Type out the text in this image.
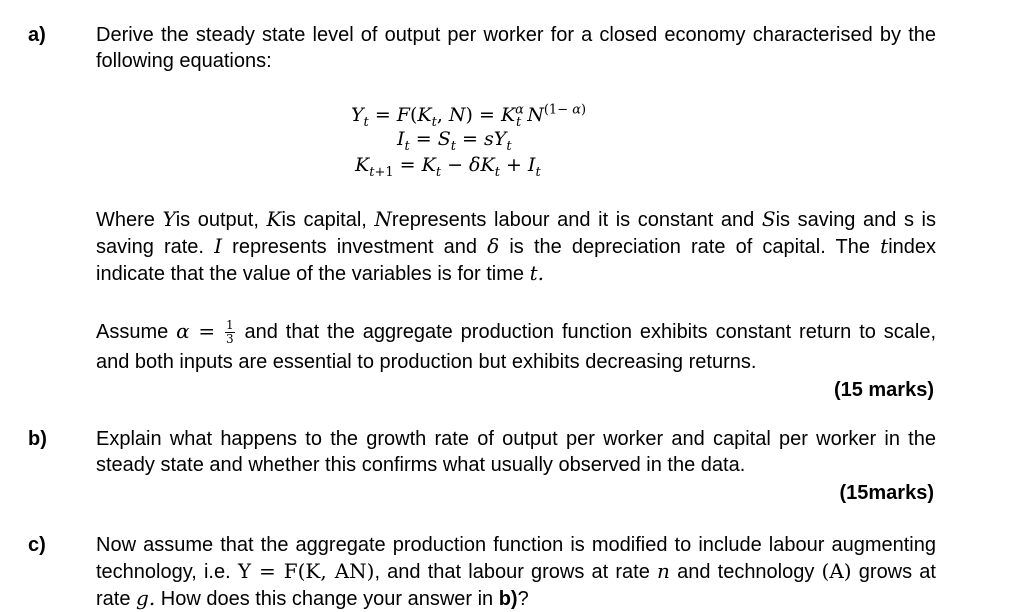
a)	Derive the steady state level of output per worker for a closed economy characterised by the following equations:
$Y_t = F(K_t$, $N) = K^\alpha_t$ $N^{(1- \alpha)}$
$I_t = S_t = sY_t$
$K_{t+1} = K_t - \delta K_t + I_t$
Where Yis output, Kis capital, Nrepresents labour and it is constant and Sis saving and s is saving rate. I represents investment and δ is the depreciation rate of capital. The tindex indicate that the value of the variables is for time t.
Assume $\alpha = \frac{1}{3}$ and that the aggregate production function exhibits constant return to scale, and both inputs are essential to production but exhibits decreasing returns.
(15 marks)
b) Explain what happens to the growth rate of output per worker and capital per worker in the steady state and whether this confirms what usually observed in the data.
(15marks)
c)	Now assume that the aggregate production function is modified to include labour augmenting technology, i.e. Y = F(K, AN), and that labour grows at rate n and technology (A) grows at rate g. How does this change your answer in b)?
